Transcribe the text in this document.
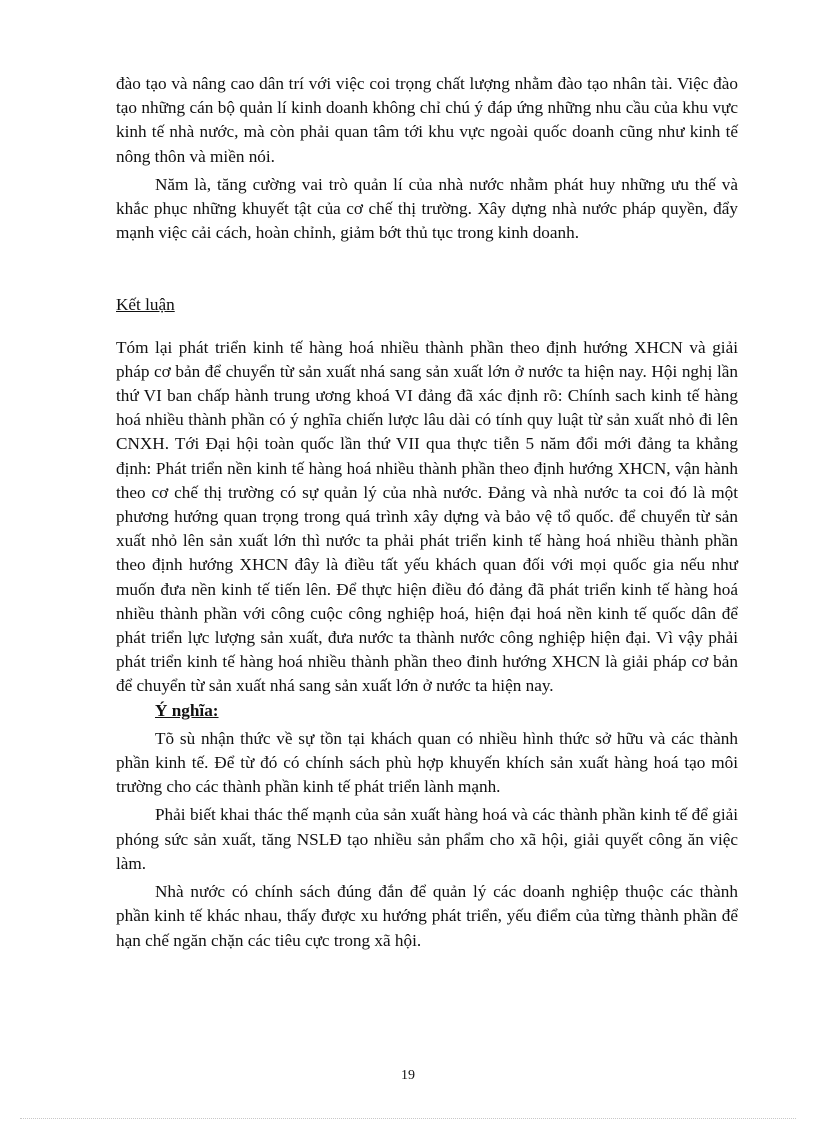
đào tạo và nâng cao dân trí với việc coi trọng chất lượng nhằm đào tạo nhân tài. Việc đào tạo những cán bộ quản lí kinh doanh không chỉ chú ý đáp ứng những nhu cầu của khu vực kinh tế nhà nước, mà còn phải quan tâm tới khu vực ngoài quốc doanh cũng như kinh tế nông thôn và miền nói.

Năm là, tăng cường vai trò quản lí của nhà nước nhằm phát huy những ưu thế và khắc phục những khuyết tật của cơ chế thị trường. Xây dựng nhà nước pháp quyền, đẩy mạnh việc cải cách, hoàn chỉnh, giảm bớt thủ tục trong kinh doanh.

Kết luận

Tóm lại phát triển kinh tế hàng hoá nhiều thành phần theo định hướng XHCN và giải pháp cơ bản để chuyển từ sản xuất nhá sang sản xuất lớn ở nước ta hiện nay. Hội nghị lần thứ VI ban chấp hành trung ương khoá VI đảng đã xác định rõ: Chính sach kinh tế hàng hoá nhiều thành phần có ý nghĩa chiến lược lâu dài có tính quy luật từ sản xuất nhỏ đi lên CNXH. Tới Đại hội toàn quốc lần thứ VII qua thực tiễn 5 năm đổi mới đảng ta khẳng định: Phát triển nền kinh tế hàng hoá nhiều thành phần theo định hướng XHCN, vận hành theo cơ chế thị trường có sự quản lý của nhà nước. Đảng và nhà nước ta coi đó là một phương hướng quan trọng trong quá trình xây dựng và bảo vệ tổ quốc. để chuyển từ sản xuất nhỏ lên sản xuất lớn thì nước ta phải phát triển kinh tế hàng hoá nhiều thành phần theo định hướng XHCN đây là điều tất yếu khách quan đối với mọi quốc gia nếu như muốn đưa nền kinh tế tiến lên. Để thực hiện điều đó đảng đã phát triển kinh tế hàng hoá nhiều thành phần với công cuộc công nghiệp hoá, hiện đại hoá nền kinh tế quốc dân để phát triển lực lượng sản xuất, đưa nước ta thành nước công nghiệp hiện đại. Vì vậy phải phát triển kinh tế hàng hoá nhiều thành phần theo đinh hướng XHCN là giải pháp cơ bản để chuyển từ sản xuất nhá sang sản xuất lớn ở nước ta hiện nay.

Ý nghĩa:

Tõ sù nhận thức về sự tồn tại khách quan có nhiều hình thức sở hữu và các thành phần kinh tế. Để từ đó có chính sách phù hợp khuyến khích sản xuất hàng hoá tạo môi trường cho các thành phần kinh tế phát triển lành mạnh.

Phải biết khai thác thế mạnh của sản xuất hàng hoá và các thành phần kinh tế để giải phóng sức sản xuất, tăng NSLĐ tạo nhiều sản phẩm cho xã hội, giải quyết công ăn việc làm.

Nhà nước có chính sách đúng đắn để quản lý các doanh nghiệp thuộc các thành phần kinh tế khác nhau, thấy được xu hướng phát triển, yếu điểm của từng thành phần để hạn chế ngăn chặn các tiêu cực trong xã hội.

19
